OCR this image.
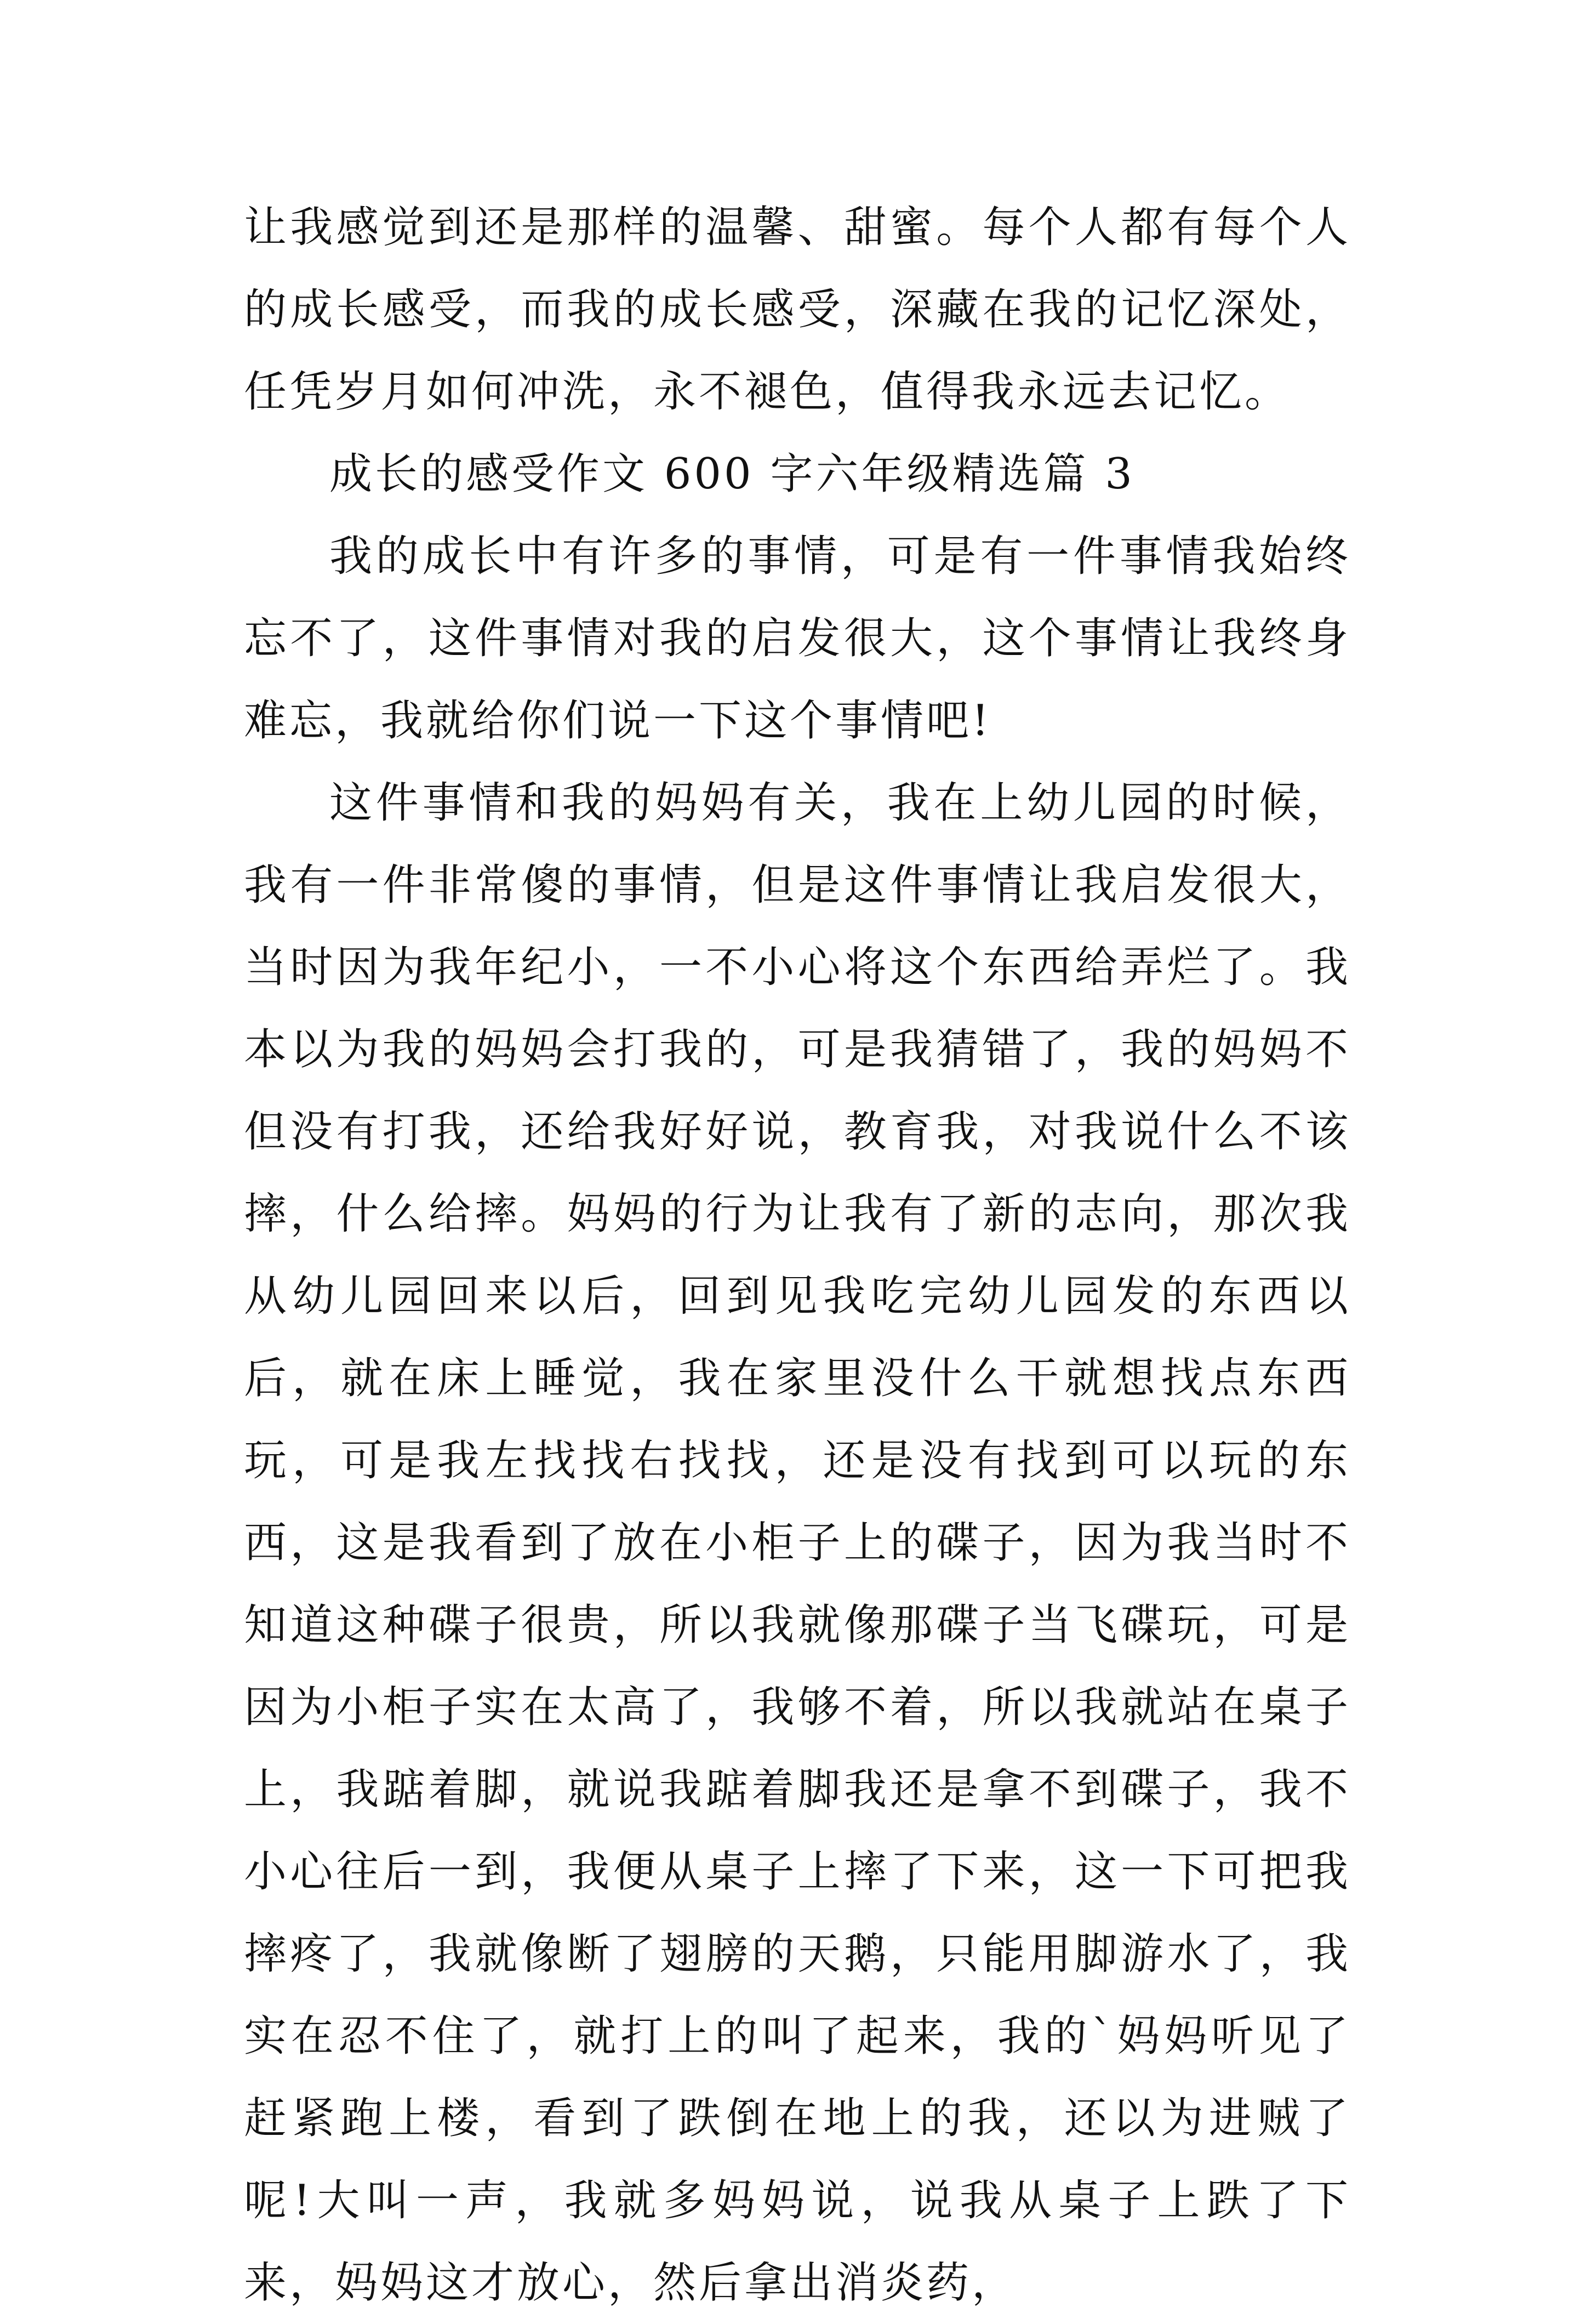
让我感觉到还是那样的温馨、甜蜜。每个人都有每个人的成长感受，而我的成长感受，深藏在我的记忆深处，任凭岁月如何冲洗，永不褪色，值得我永远去记忆。

成长的感受作文 600 字六年级精选篇 3

我的成长中有许多的事情，可是有一件事情我始终忘不了，这件事情对我的启发很大，这个事情让我终身难忘，我就给你们说一下这个事情吧!

这件事情和我的妈妈有关，我在上幼儿园的时候，我有一件非常傻的事情，但是这件事情让我启发很大，当时因为我年纪小，一不小心将这个东西给弄烂了。我本以为我的妈妈会打我的，可是我猜错了，我的妈妈不但没有打我，还给我好好说，教育我，对我说什么不该摔，什么给摔。妈妈的行为让我有了新的志向，那次我从幼儿园回来以后，回到见我吃完幼儿园发的东西以后，就在床上睡觉，我在家里没什么干就想找点东西玩，可是我左找找右找找，还是没有找到可以玩的东西，这是我看到了放在小柜子上的碟子，因为我当时不知道这种碟子很贵，所以我就像那碟子当飞碟玩，可是因为小柜子实在太高了，我够不着，所以我就站在桌子上，我踮着脚，就说我踮着脚我还是拿不到碟子，我不小心往后一到，我便从桌子上摔了下来，这一下可把我摔疼了，我就像断了翅膀的天鹅，只能用脚游水了，我实在忍不住了，就打上的叫了起来，我的`妈妈听见了赶紧跑上楼，看到了跌倒在地上的我，还以为进贼了呢!大叫一声，我就多妈妈说，说我从桌子上跌了下来，妈妈这才放心，然后拿出消炎药，
